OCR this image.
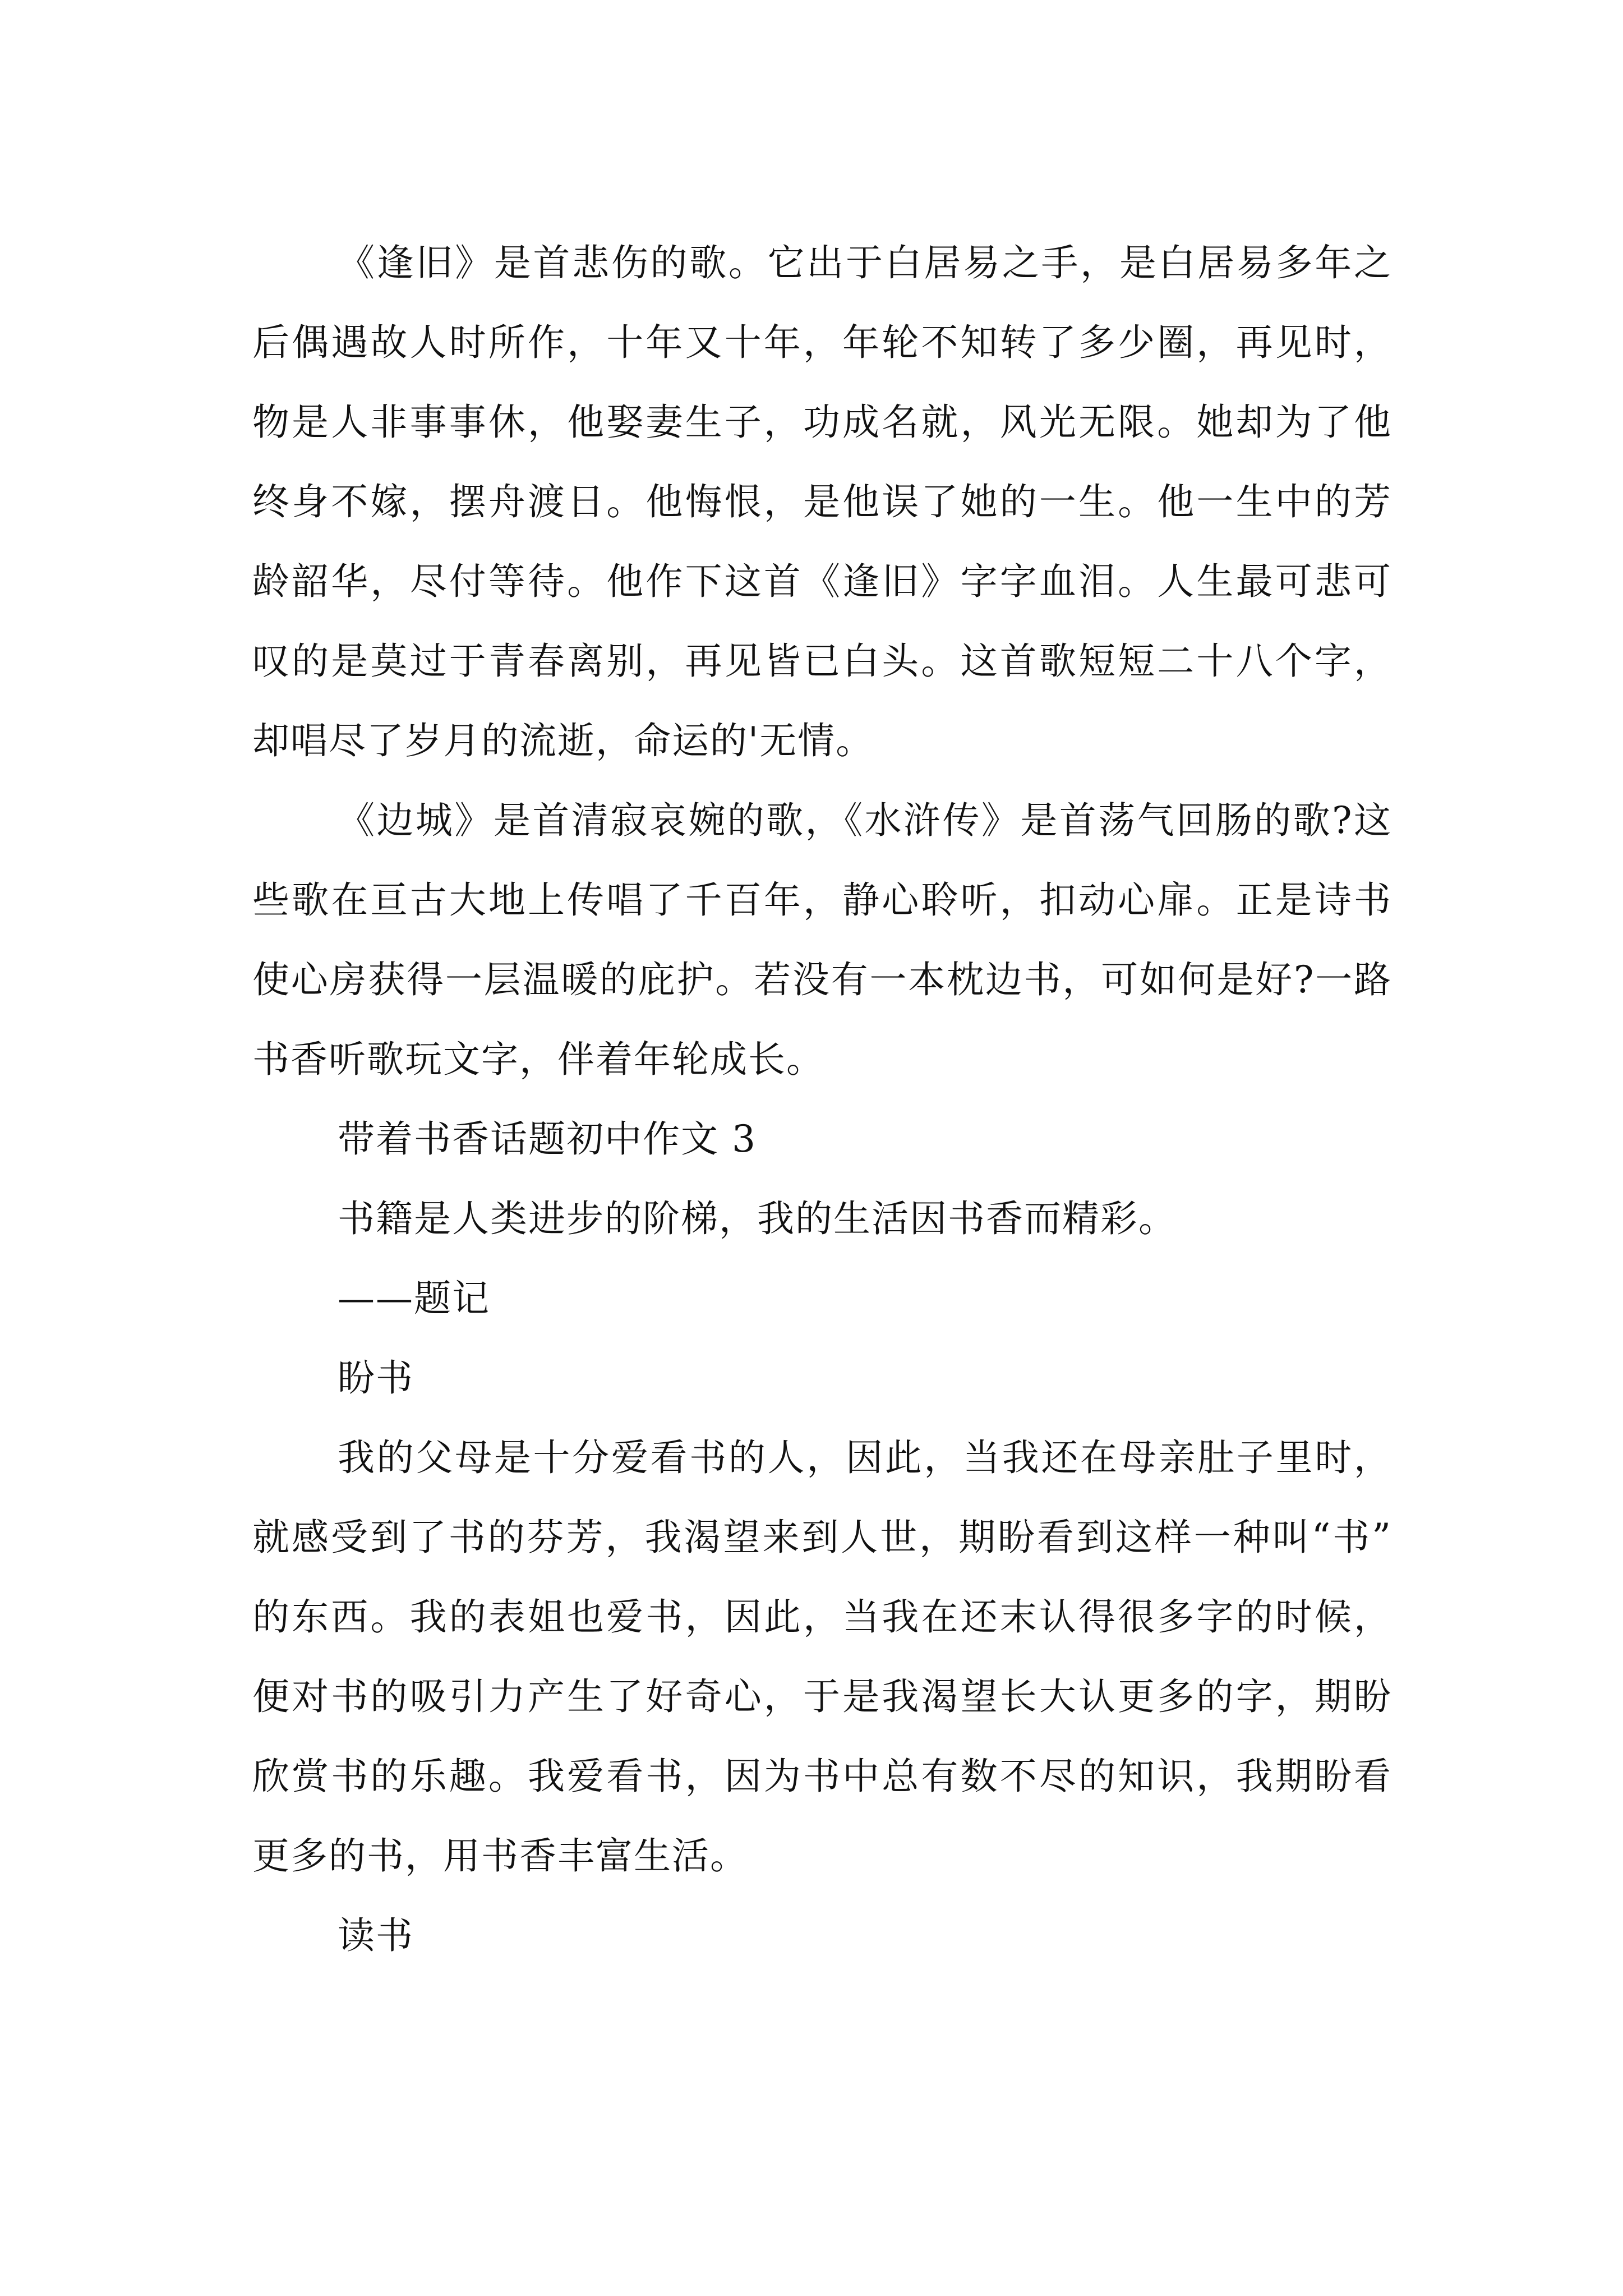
《逢旧》是首悲伤的歌。它出于白居易之手，是白居易多年之后偶遇故人时所作，十年又十年，年轮不知转了多少圈，再见时，物是人非事事休，他娶妻生子，功成名就，风光无限。她却为了他终身不嫁，摆舟渡日。他悔恨，是他误了她的一生。他一生中的芳龄韶华，尽付等待。他作下这首《逢旧》字字血泪。人生最可悲可叹的是莫过于青春离别，再见皆已白头。这首歌短短二十八个字，却唱尽了岁月的流逝，命运的'无情。

《边城》是首清寂哀婉的歌，《水浒传》是首荡气回肠的歌?这些歌在亘古大地上传唱了千百年，静心聆听，扣动心扉。正是诗书使心房获得一层温暖的庇护。若没有一本枕边书，可如何是好?一路书香听歌玩文字，伴着年轮成长。

带着书香话题初中作文 3

书籍是人类进步的阶梯，我的生活因书香而精彩。

——题记

盼书

我的父母是十分爱看书的人，因此，当我还在母亲肚子里时，就感受到了书的芬芳，我渴望来到人世，期盼看到这样一种叫“书”的东西。我的表姐也爱书，因此，当我在还末认得很多字的时候，便对书的吸引力产生了好奇心，于是我渴望长大认更多的字，期盼欣赏书的乐趣。我爱看书，因为书中总有数不尽的知识，我期盼看更多的书，用书香丰富生活。

读书
